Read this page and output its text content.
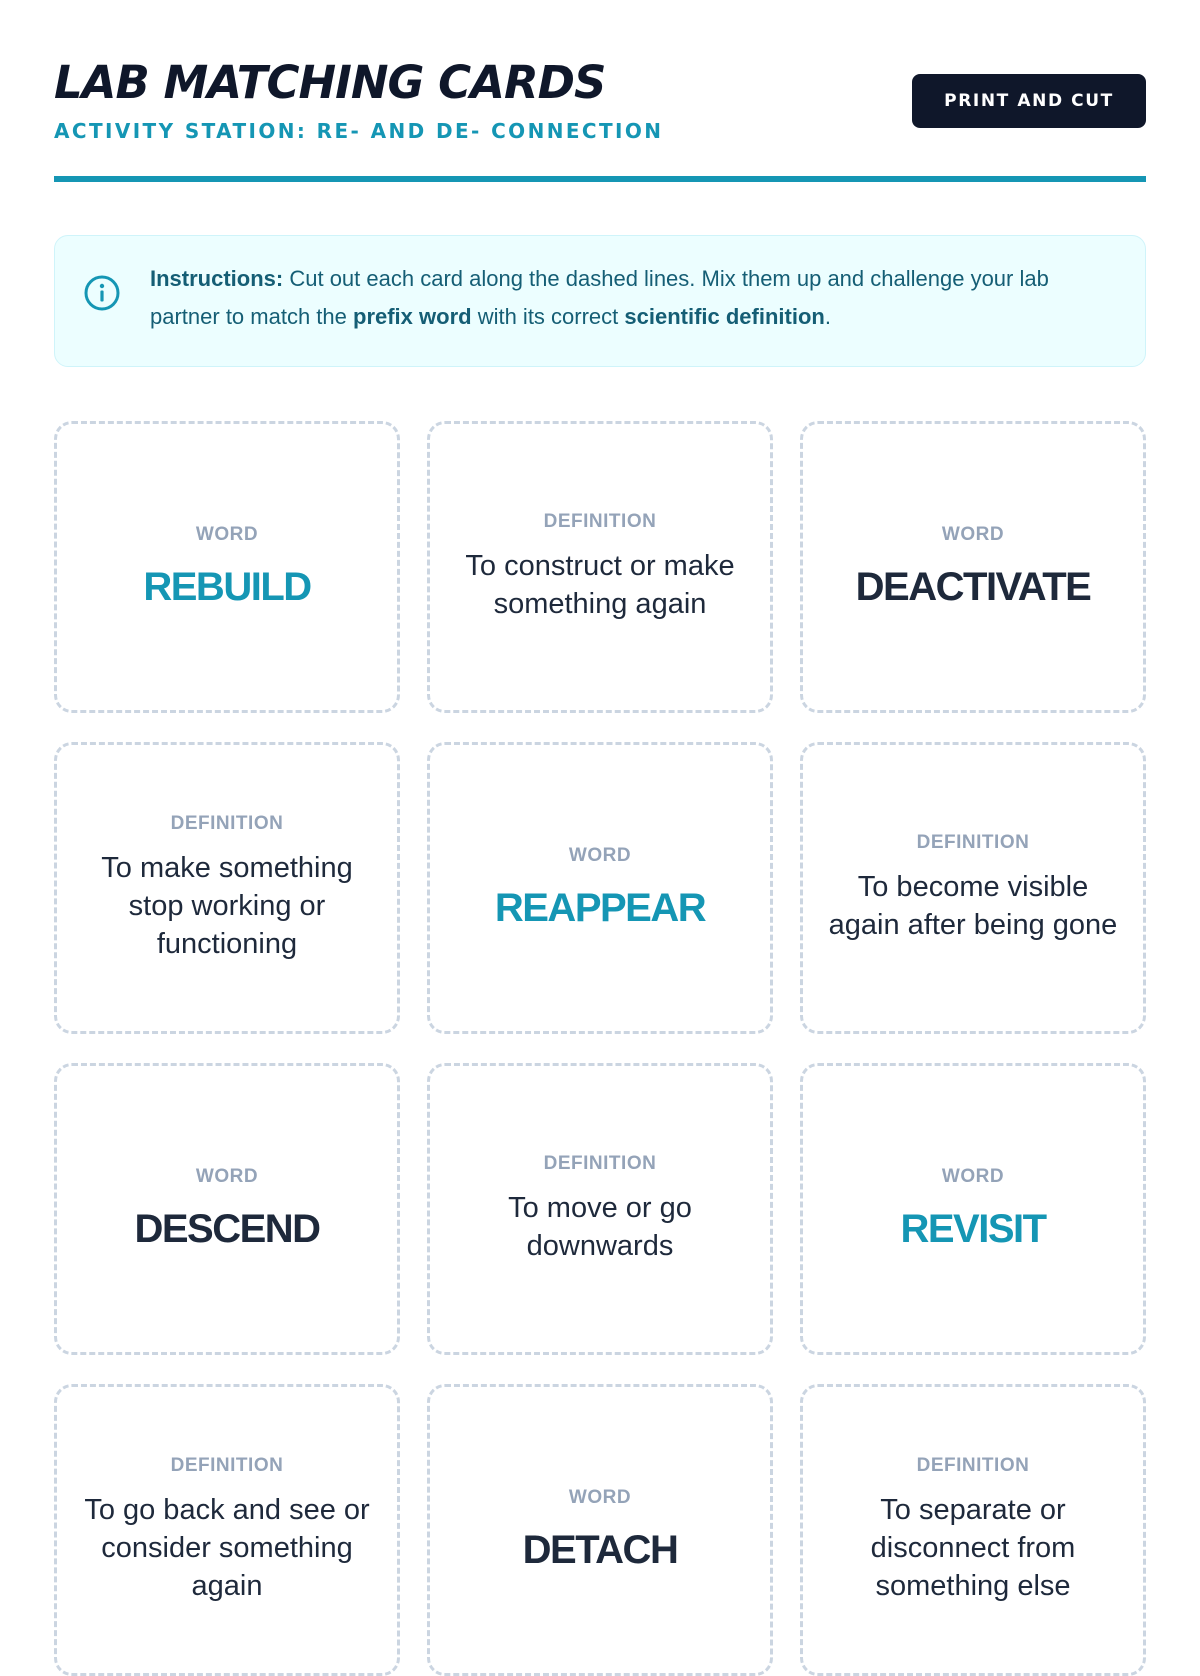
LAB MATCHING CARDS
ACTIVITY STATION: RE- AND DE- CONNECTION
PRINT AND CUT
Instructions: Cut out each card along the dashed lines. Mix them up and challenge your lab partner to match the prefix word with its correct scientific definition.
WORD
REBUILD
DEFINITION
To construct or make something again
WORD
DEACTIVATE
DEFINITION
To make something stop working or functioning
WORD
REAPPEAR
DEFINITION
To become visible again after being gone
WORD
DESCEND
DEFINITION
To move or go downwards
WORD
REVISIT
DEFINITION
To go back and see or consider something again
WORD
DETACH
DEFINITION
To separate or disconnect from something else
